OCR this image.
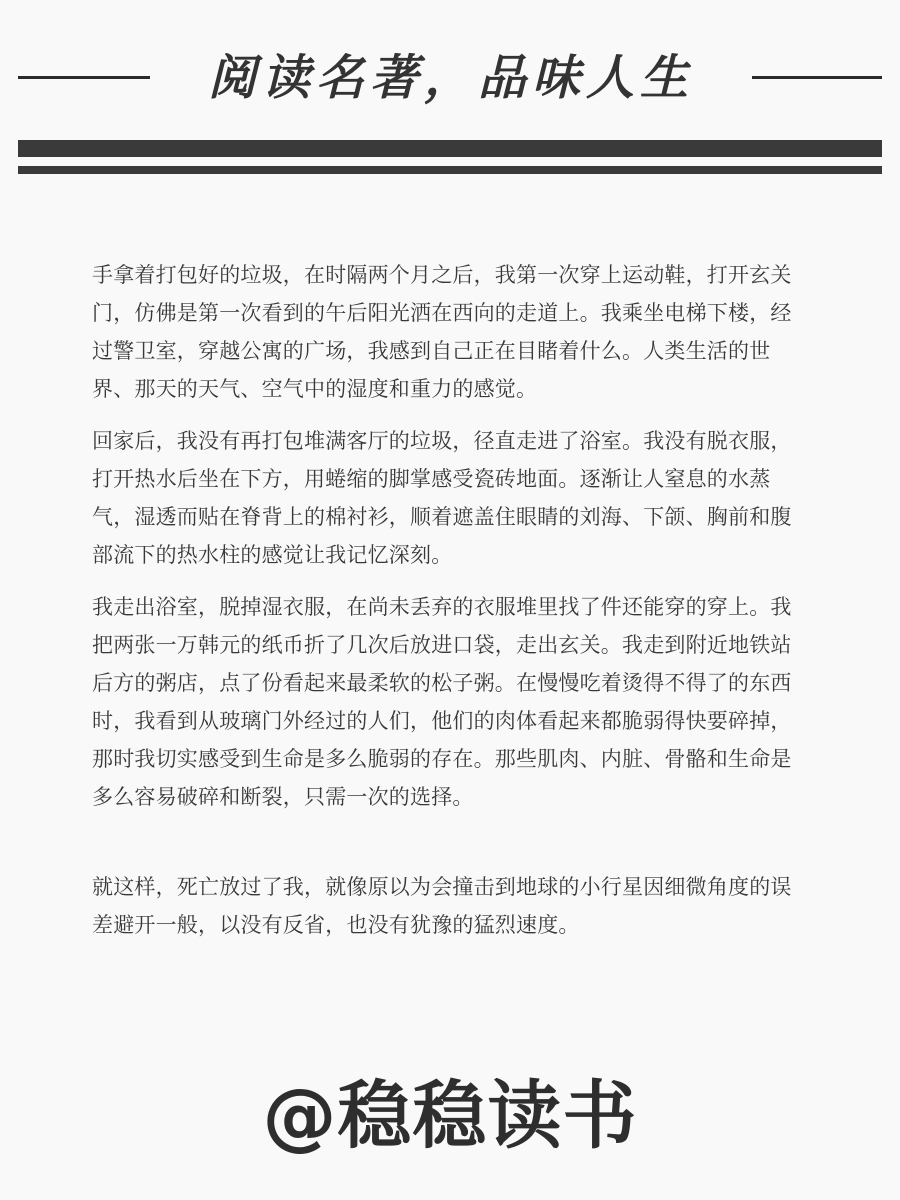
阅读名著，品味人生

手拿着打包好的垃圾，在时隔两个月之后，我第一次穿上运动鞋，打开玄关门，仿佛是第一次看到的午后阳光洒在西向的走道上。我乘坐电梯下楼，经过警卫室，穿越公寓的广场，我感到自己正在目睹着什么。人类生活的世界、那天的天气、空气中的湿度和重力的感觉。

回家后，我没有再打包堆满客厅的垃圾，径直走进了浴室。我没有脱衣服，打开热水后坐在下方，用蜷缩的脚掌感受瓷砖地面。逐渐让人窒息的水蒸气，湿透而贴在脊背上的棉衬衫，顺着遮盖住眼睛的刘海、下颌、胸前和腹部流下的热水柱的感觉让我记忆深刻。

我走出浴室，脱掉湿衣服，在尚未丢弃的衣服堆里找了件还能穿的穿上。我把两张一万韩元的纸币折了几次后放进口袋，走出玄关。我走到附近地铁站后方的粥店，点了份看起来最柔软的松子粥。在慢慢吃着烫得不得了的东西时，我看到从玻璃门外经过的人们，他们的肉体看起来都脆弱得快要碎掉，那时我切实感受到生命是多么脆弱的存在。那些肌肉、内脏、骨骼和生命是多么容易破碎和断裂，只需一次的选择。

就这样，死亡放过了我，就像原以为会撞击到地球的小行星因细微角度的误差避开一般，以没有反省，也没有犹豫的猛烈速度。

@稳稳读书
